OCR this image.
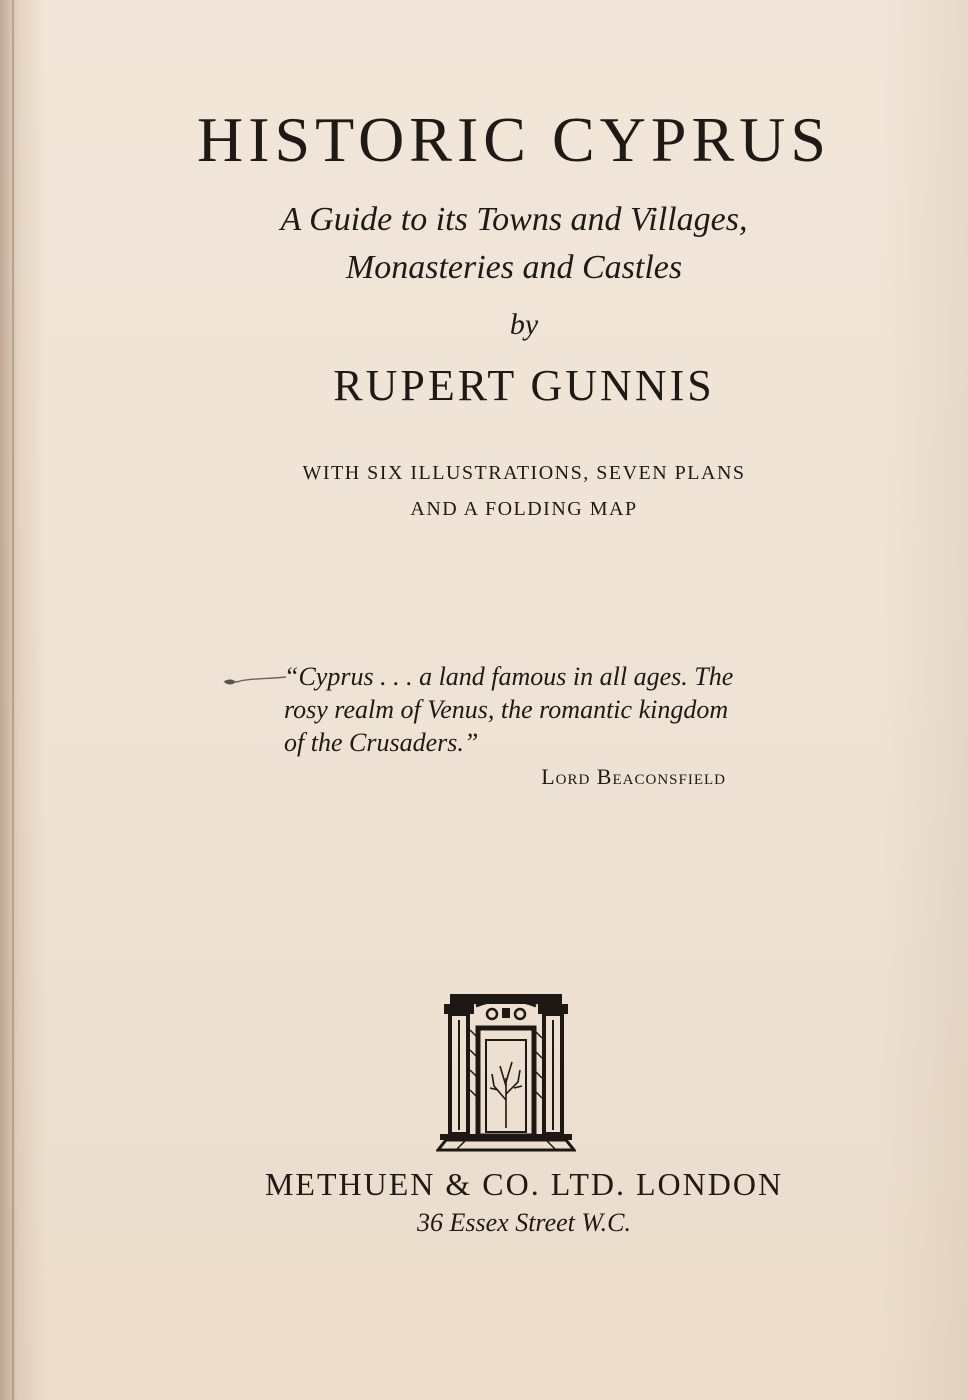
HISTORIC CYPRUS
A Guide to its Towns and Villages,
Monasteries and Castles
by
RUPERT GUNNIS
WITH SIX ILLUSTRATIONS, SEVEN PLANS
AND A FOLDING MAP
“Cyprus . . . a land famous in all ages. The
rosy realm of Venus, the romantic kingdom
of the Crusaders.”
Lord Beaconsfield
METHUEN & CO. LTD. LONDON
36 Essex Street W.C.
